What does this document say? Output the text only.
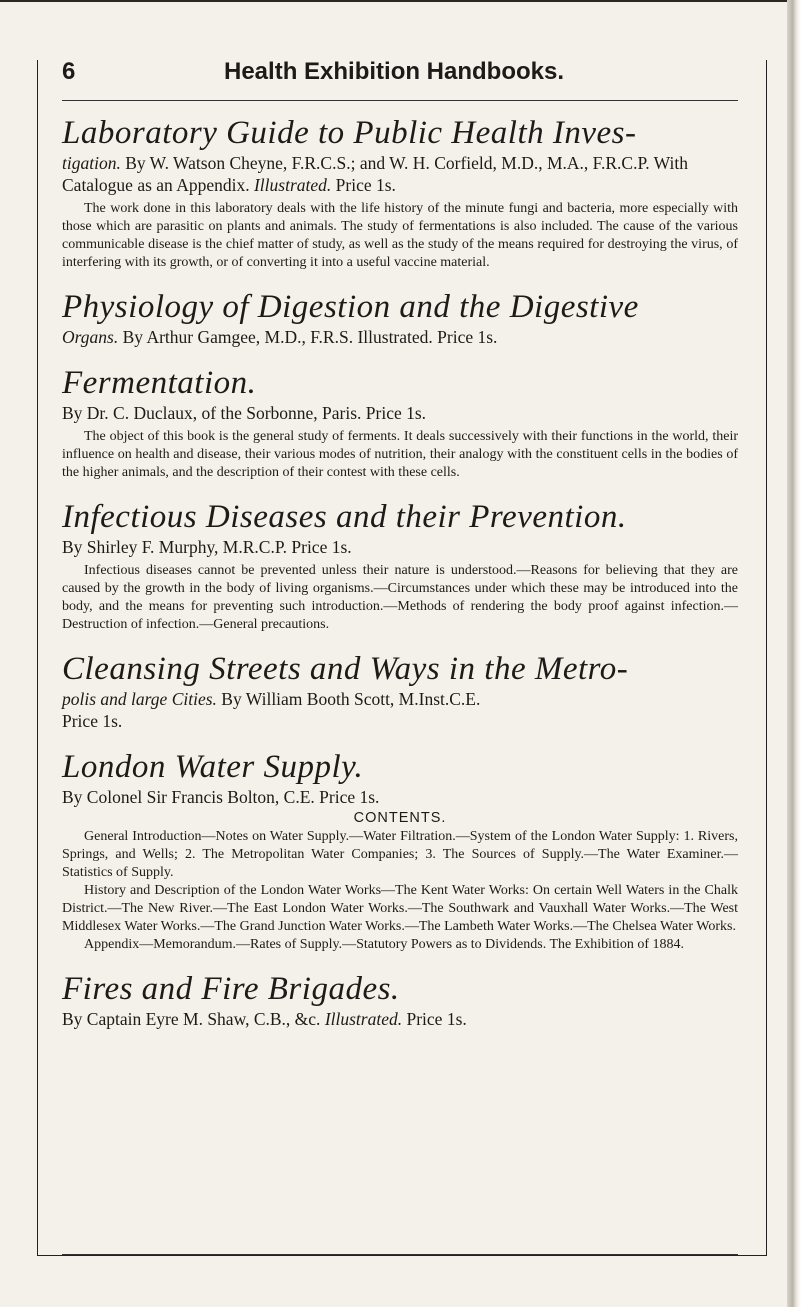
6	Health Exhibition Handbooks.
Laboratory Guide to Public Health Inves-
tigation. By W. Watson Cheyne, F.R.C.S.; and W. H. Corfield, M.D., M.A., F.R.C.P. With Catalogue as an Appendix. Illustrated. Price 1s.

The work done in this laboratory deals with the life history of the minute fungi and bacteria, more especially with those which are parasitic on plants and animals. The study of fermentations is also included. The cause of the various communicable disease is the chief matter of study, as well as the study of the means required for destroying the virus, of interfering with its growth, or of converting it into a useful vaccine material.

Physiology of Digestion and the Digestive
Organs. By Arthur Gamgee, M.D., F.R.S. Illustrated. Price 1s.
Fermentation.
By Dr. C. Duclaux, of the Sorbonne, Paris. Price 1s.

The object of this book is the general study of ferments. It deals successively with their functions in the world, their influence on health and disease, their various modes of nutrition, their analogy with the constituent cells in the bodies of the higher animals, and the description of their contest with these cells.

Infectious Diseases and their Prevention.
By Shirley F. Murphy, M.R.C.P. Price 1s.

Infectious diseases cannot be prevented unless their nature is understood.—Reasons for believing that they are caused by the growth in the body of living organisms.—Circumstances under which these may be introduced into the body, and the means for preventing such introduction.—Methods of rendering the body proof against infection.—Destruction of infection.—General precautions.

Cleansing Streets and Ways in the Metro-
polis and large Cities. By William Booth Scott, M.Inst.C.E.
Price 1s.
London Water Supply.
By Colonel Sir Francis Bolton, C.E. Price 1s.
CONTENTS.

General Introduction—Notes on Water Supply.—Water Filtration.—System of the London Water Supply: 1. Rivers, Springs, and Wells; 2. The Metropolitan Water Companies; 3. The Sources of Supply.—The Water Examiner.—Statistics of Supply.

History and Description of the London Water Works—The Kent Water Works: On certain Well Waters in the Chalk District.—The New River.—The East London Water Works.—The Southwark and Vauxhall Water Works.—The West Middlesex Water Works.—The Grand Junction Water Works.—The Lambeth Water Works.—The Chelsea Water Works.

Appendix—Memorandum.—Rates of Supply.—Statutory Powers as to Dividends. The Exhibition of 1884.

Fires and Fire Brigades.
By Captain Eyre M. Shaw, C.B., &c. Illustrated. Price 1s.
